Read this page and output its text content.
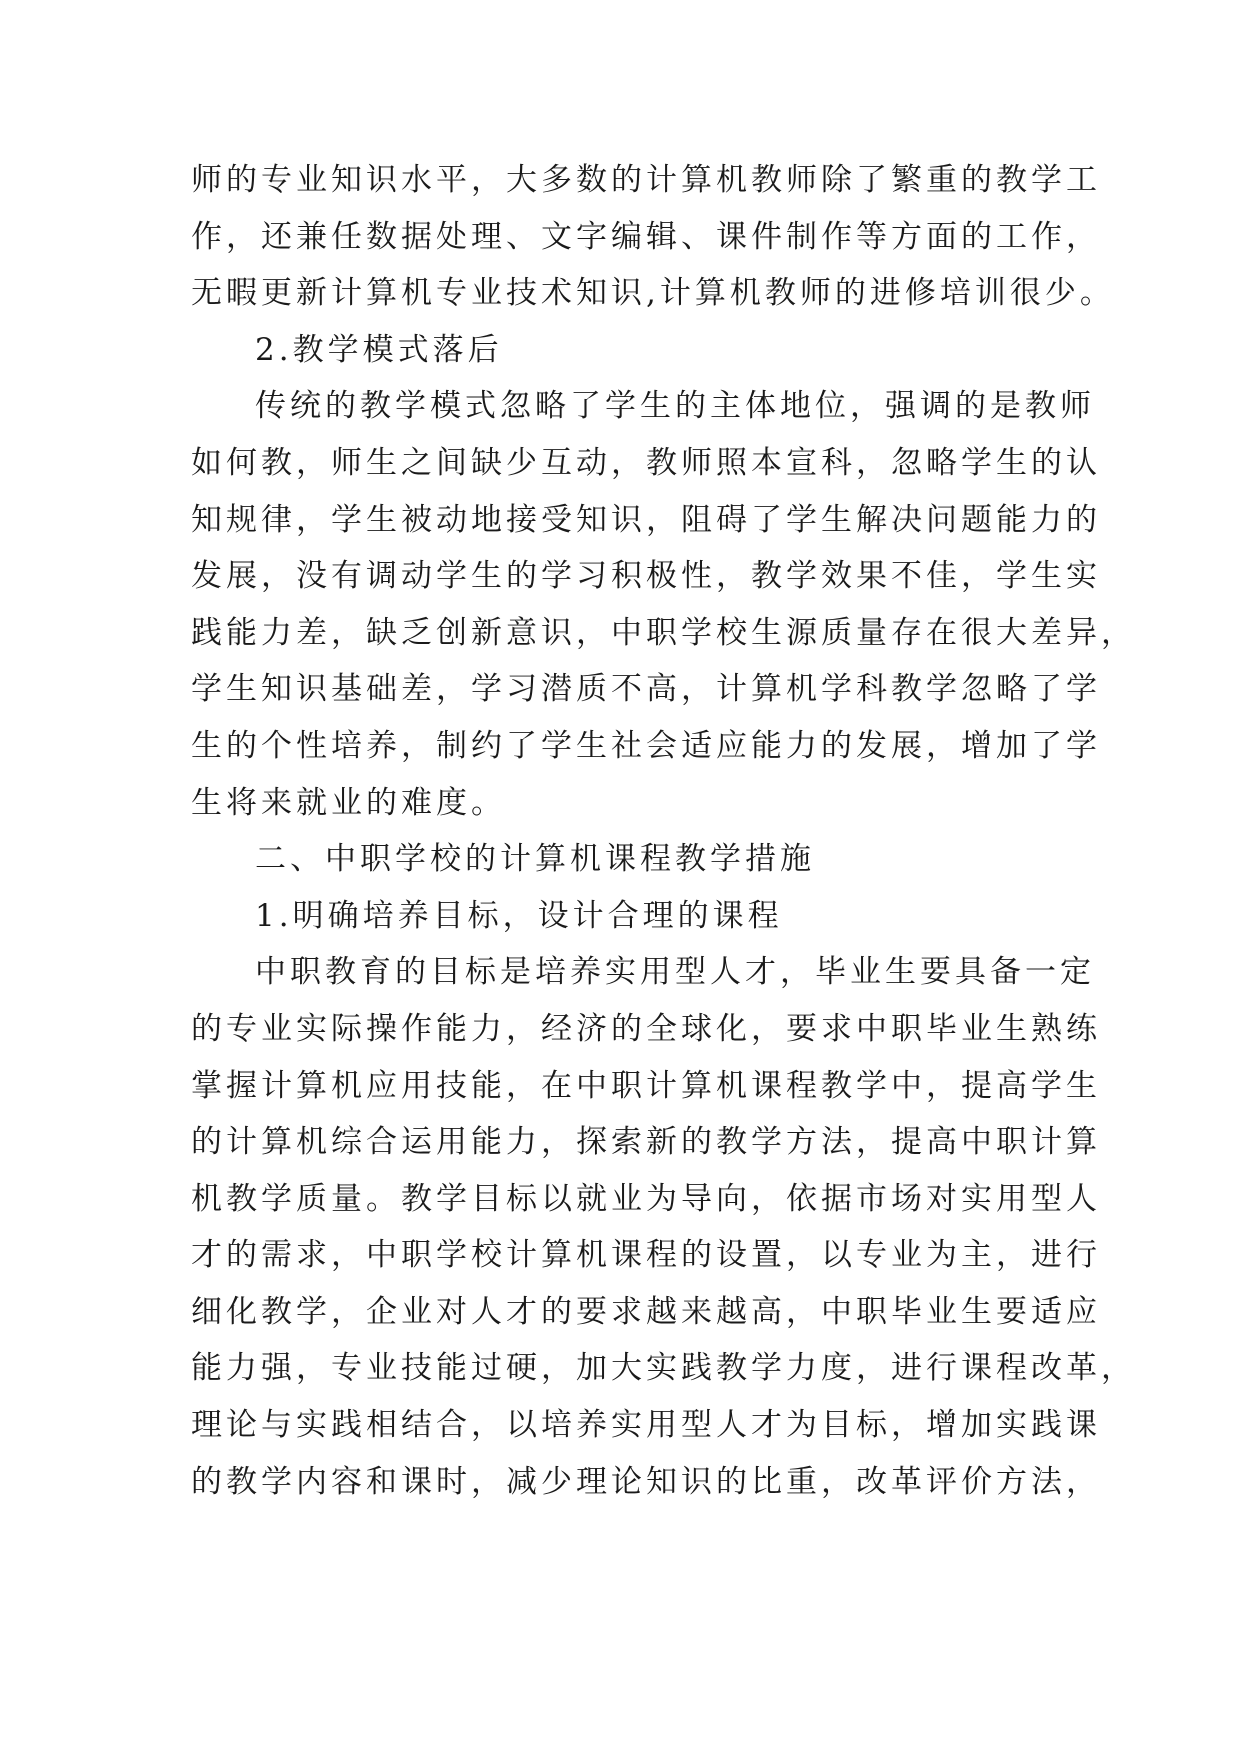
师的专业知识水平，大多数的计算机教师除了繁重的教学工
作，还兼任数据处理、文字编辑、课件制作等方面的工作，
无暇更新计算机专业技术知识,计算机教师的进修培训很少。
2.教学模式落后
传统的教学模式忽略了学生的主体地位，强调的是教师
如何教，师生之间缺少互动，教师照本宣科，忽略学生的认
知规律，学生被动地接受知识，阻碍了学生解决问题能力的
发展，没有调动学生的学习积极性，教学效果不佳，学生实
践能力差，缺乏创新意识，中职学校生源质量存在很大差异，
学生知识基础差，学习潜质不高，计算机学科教学忽略了学
生的个性培养，制约了学生社会适应能力的发展，增加了学
生将来就业的难度。
二、中职学校的计算机课程教学措施
1.明确培养目标，设计合理的课程
中职教育的目标是培养实用型人才，毕业生要具备一定
的专业实际操作能力，经济的全球化，要求中职毕业生熟练
掌握计算机应用技能，在中职计算机课程教学中，提高学生
的计算机综合运用能力，探索新的教学方法，提高中职计算
机教学质量。教学目标以就业为导向，依据市场对实用型人
才的需求，中职学校计算机课程的设置，以专业为主，进行
细化教学，企业对人才的要求越来越高，中职毕业生要适应
能力强，专业技能过硬，加大实践教学力度，进行课程改革，
理论与实践相结合，以培养实用型人才为目标，增加实践课
的教学内容和课时，减少理论知识的比重，改革评价方法，
